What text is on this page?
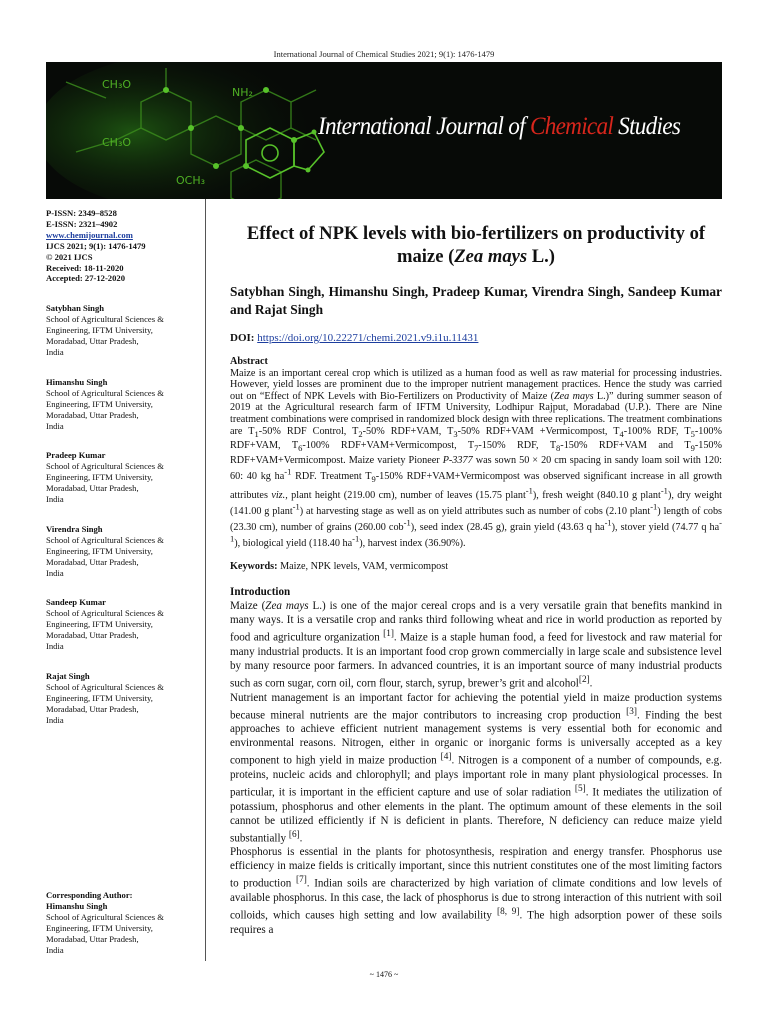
International Journal of Chemical Studies 2021; 9(1): 1476-1479
CH₃O
CH₃O
NH₂
OCH₃
International Journal of Chemical Studies
P-ISSN: 2349–8528
E-ISSN: 2321–4902
www.chemijournal.com
IJCS 2021; 9(1): 1476-1479
© 2021 IJCS
Received: 18-11-2020
Accepted: 27-12-2020
Satybhan Singh
School of Agricultural Sciences &
Engineering, IFTM University,
Moradabad, Uttar Pradesh,
India
Himanshu Singh
School of Agricultural Sciences &
Engineering, IFTM University,
Moradabad, Uttar Pradesh,
India
Pradeep Kumar
School of Agricultural Sciences &
Engineering, IFTM University,
Moradabad, Uttar Pradesh,
India
Virendra Singh
School of Agricultural Sciences &
Engineering, IFTM University,
Moradabad, Uttar Pradesh,
India
Sandeep Kumar
School of Agricultural Sciences &
Engineering, IFTM University,
Moradabad, Uttar Pradesh,
India
Rajat Singh
School of Agricultural Sciences &
Engineering, IFTM University,
Moradabad, Uttar Pradesh,
India
Corresponding Author:
Himanshu Singh
School of Agricultural Sciences &
Engineering, IFTM University,
Moradabad, Uttar Pradesh,
India
Effect of NPK levels with bio-fertilizers on productivity of maize (Zea mays L.)
Satybhan Singh, Himanshu Singh, Pradeep Kumar, Virendra Singh, Sandeep Kumar and Rajat Singh
DOI: https://doi.org/10.22271/chemi.2021.v9.i1u.11431
Abstract
Maize is an important cereal crop which is utilized as a human food as well as raw material for processing industries. However, yield losses are prominent due to the improper nutrient management practices. Hence the study was carried out on “Effect of NPK Levels with Bio-Fertilizers on Productivity of Maize (Zea mays L.)” during summer season of 2019 at the Agricultural research farm of IFTM University, Lodhipur Rajput, Moradabad (U.P.). There are Nine treatment combinations were comprised in randomized block design with three replications. The treatment combinations are $T_1-50\%$ RDF Control, $T_2-50\%$ RDF+VAM, $T_3-50\%$ RDF+VAM +Vermicompost, $T_4-100\%$ RDF, $T_5-100\%$ RDF+VAM, $T_6-100\%$ RDF+VAM+Vermicompost, $T_7-150\%$ RDF, $T_8-150\%$ RDF+VAM and $T_9-150\%$ RDF+VAM+Vermicompost. Maize variety Pioneer P-3377 was sown 50 × 20 cm spacing in sandy loam soil with 120: 60: 40 kg $ha^{-1}$ RDF. Treatment $T_9-150\%$ RDF+VAM+Vermicompost was observed significant increase in all growth attributes viz., plant height (219.00 cm), number of leaves (15.75 plant$^{-1}$), fresh weight (840.10 g plant$^{-1}$), dry weight (141.00 g plant$^{-1}$) at harvesting stage as well as on yield attributes such as number of cobs (2.10 plant$^{-1}$) length of cobs (23.30 cm), number of grains (260.00 cob$^{-1}$), seed index (28.45 g), grain yield (43.63 q $ha^{-1}$), stover yield (74.77 q $ha^{-1}$), biological yield (118.40 $ha^{-1}$), harvest index (36.90%).
Keywords: Maize, NPK levels, VAM, vermicompost
Introduction

Maize (Zea mays L.) is one of the major cereal crops and is a very versatile grain that benefits mankind in many ways. It is a versatile crop and ranks third following wheat and rice in world production as reported by food and agriculture organization [1]. Maize is a staple human food, a feed for livestock and raw material for many industrial products. It is an important food crop grown commercially in large scale and subsistence level by many resource poor farmers. In advanced countries, it is an important source of many industrial products such as corn sugar, corn oil, corn flour, starch, syrup, brewer’s grit and alcohol[2].

Nutrient management is an important factor for achieving the potential yield in maize production systems because mineral nutrients are the major contributors to increasing crop production [3]. Finding the best approaches to achieve efficient nutrient management systems is very essential both for economic and environmental reasons. Nitrogen, either in organic or inorganic forms is universally accepted as a key component to high yield in maize production [4]. Nitrogen is a component of a number of compounds, e.g. proteins, nucleic acids and chlorophyll; and plays important role in many plant physiological processes. In particular, it is important in the efficient capture and use of solar radiation [5]. It mediates the utilization of potassium, phosphorus and other elements in the plant. The optimum amount of these elements in the soil cannot be utilized efficiently if N is deficient in plants. Therefore, N deficiency can reduce maize yield substantially [6].

Phosphorus is essential in the plants for photosynthesis, respiration and energy transfer. Phosphorus use efficiency in maize fields is critically important, since this nutrient constitutes one of the most limiting factors to production [7]. Indian soils are characterized by high variation of climate conditions and low levels of available phosphorus. In this case, the lack of phosphorus is due to strong interaction of this nutrient with soil colloids, which causes high setting and low availability [8, 9]. The high adsorption power of these soils requires a

~ 1476 ~
